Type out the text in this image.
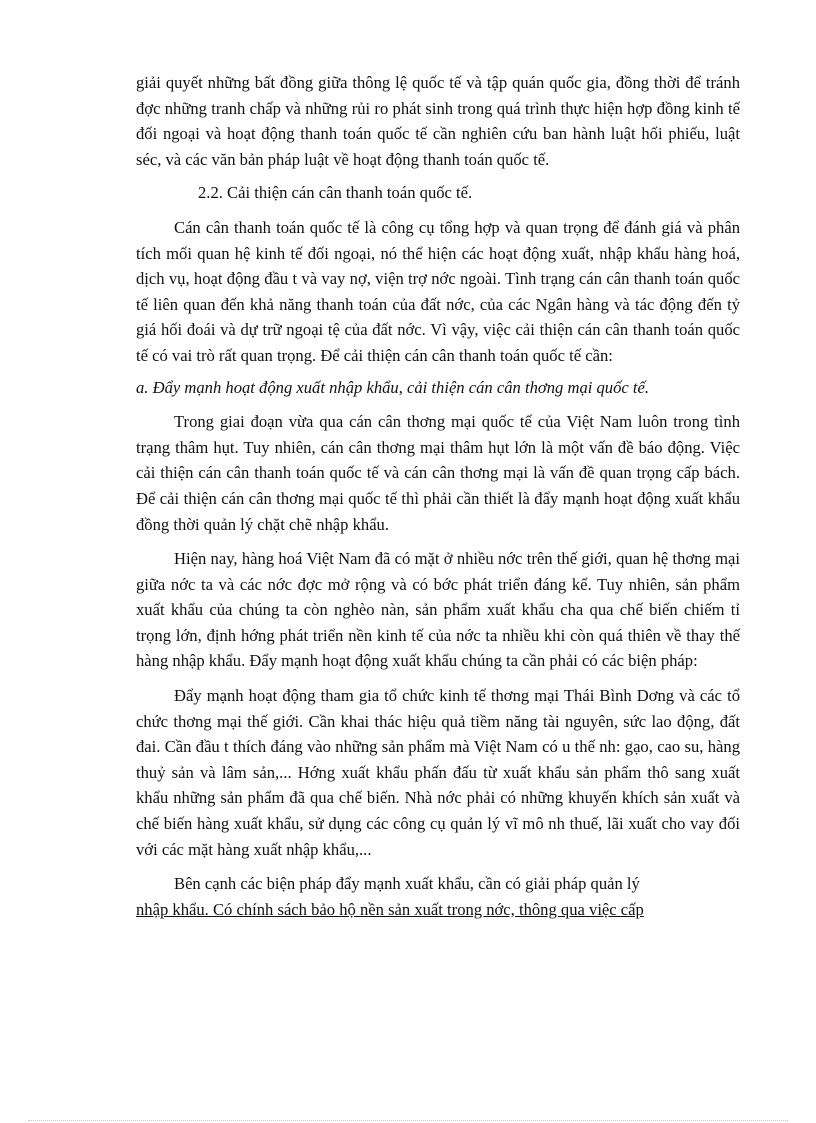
giải quyết những bất đồng giữa thông lệ quốc tế và tập quán quốc gia, đồng thời để tránh đợc những tranh chấp và những rủi ro phát sinh trong quá trình thực hiện hợp đồng kinh tế đối ngoại và hoạt động thanh toán quốc tế cần nghiên cứu ban hành luật hối phiếu, luật séc, và các văn bản pháp luật về hoạt động thanh toán quốc tế.

2.2. Cải thiện cán cân thanh toán quốc tế.

Cán cân thanh toán quốc tế là công cụ tổng hợp và quan trọng để đánh giá và phân tích mối quan hệ kinh tế đối ngoại, nó thể hiện các hoạt động xuất, nhập khẩu hàng hoá, dịch vụ, hoạt động đầu t và vay nợ, viện trợ nớc ngoài. Tình trạng cán cân thanh toán quốc tế liên quan đến khả năng thanh toán của đất nớc, của các Ngân hàng và tác động đến tỷ giá hối đoái và dự trữ ngoại tệ của đất nớc. Vì vậy, việc cải thiện cán cân thanh toán quốc tế có vai trò rất quan trọng. Để cải thiện cán cân thanh toán quốc tế cần:

a. Đẩy mạnh hoạt động xuất nhập khẩu, cải thiện cán cân thơng mại quốc tế.

Trong giai đoạn vừa qua cán cân thơng mại quốc tế của Việt Nam luôn trong tình trạng thâm hụt. Tuy nhiên, cán cân thơng mại thâm hụt lớn là một vấn đề báo động. Việc cải thiện cán cân thanh toán quốc tế và cán cân thơng mại là vấn đề quan trọng cấp bách. Để cải thiện cán cân thơng mại quốc tế thì phải cần thiết là đẩy mạnh hoạt động xuất khẩu đồng thời quản lý chặt chẽ nhập khẩu.

Hiện nay, hàng hoá Việt Nam đã có mặt ở nhiều nớc trên thế giới, quan hệ thơng mại giữa nớc ta và các nớc đợc mở rộng và có bớc phát triển đáng kể. Tuy nhiên, sản phẩm xuất khẩu của chúng ta còn nghèo nàn, sản phẩm xuất khẩu cha qua chế biến chiếm tỉ trọng lớn, định hớng phát triển nền kinh tế của nớc ta nhiều khi còn quá thiên về thay thế hàng nhập khẩu. Đẩy mạnh hoạt động xuất khẩu chúng ta cần phải có các biện pháp:

Đẩy mạnh hoạt động tham gia tổ chức kinh tế thơng mại Thái Bình Dơng và các tổ chức thơng mại thế giới. Cần khai thác hiệu quả tiềm năng tài nguyên, sức lao động, đất đai. Cần đầu t thích đáng vào những sản phẩm mà Việt Nam có u thế nh: gạo, cao su, hàng thuỷ sản và lâm sản,... Hớng xuất khẩu phấn đấu từ xuất khẩu sản phẩm thô sang xuất khẩu những sản phẩm đã qua chế biến. Nhà nớc phải có những khuyến khích sản xuất và chế biến hàng xuất khẩu, sử dụng các công cụ quản lý vĩ mô nh thuế, lãi xuất cho vay đối với các mặt hàng xuất nhập khẩu,...

Bên cạnh các biện pháp đẩy mạnh xuất khẩu, cần có giải pháp quản lý

nhập khẩu. Có chính sách bảo hộ nền sản xuất trong nớc, thông qua việc cấp
